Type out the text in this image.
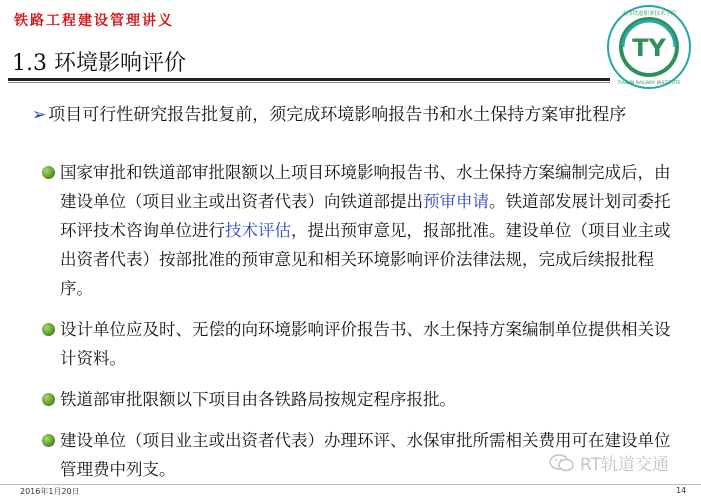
铁路工程建设管理讲义
1.3 环境影响评价
TY
天津铁道职业技术学院
TIANJIN RAILWAY INSTITUTE
➢ 项目可行性研究报告批复前，须完成环境影响报告书和水土保持方案审批程序
国家审批和铁道部审批限额以上项目环境影响报告书、水土保持方案编制完成后，由建设单位（项目业主或出资者代表）向铁道部提出预审申请。铁道部发展计划司委托环评技术咨询单位进行技术评估，提出预审意见，报部批准。建设单位（项目业主或出资者代表）按部批准的预审意见和相关环境影响评价法律法规，完成后续报批程序。
设计单位应及时、无偿的向环境影响评价报告书、水土保持方案编制单位提供相关设计资料。
铁道部审批限额以下项目由各铁路局按规定程序报批。
建设单位（项目业主或出资者代表）办理环评、水保审批所需相关费用可在建设单位管理费中列支。	RT轨道交通
2016年1月20日	14
